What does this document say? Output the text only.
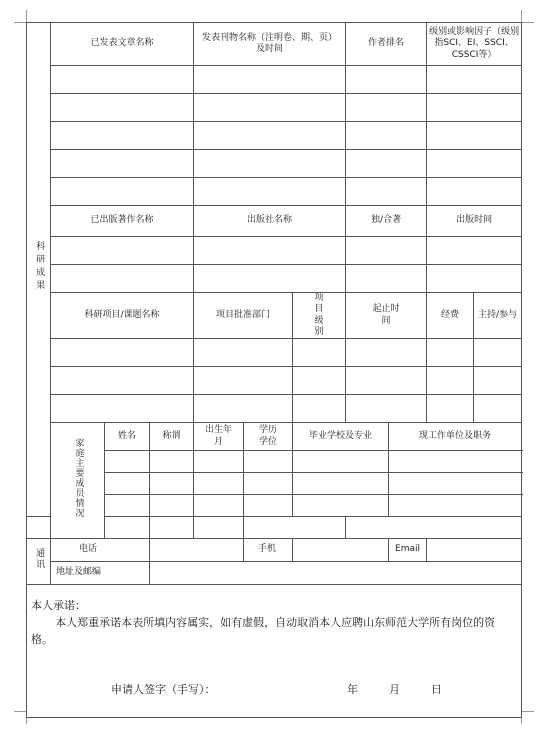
科研成果	已发表文章名称			发表刊物名称（注明卷、期、页）及时间			作者排名		级别或影响因子（级别指SCI、EI、SSCI、CSSCI等）	

	已出版著作名称			出版社名称			独/合著		出版时间	

	科研项目/课题名称			项目批准部门		项目级别	起止时间		经费	主持/参与

	家庭主要成员情况	姓名	称谓	出生年月	学历学位	毕业学校及专业		现工作单位及职务		

通讯	电话				手机			Email		
	地址及邮编									

本人承诺：
本人郑重承诺本表所填内容属实，如有虚假，自动取消本人应聘山东师范大学所有岗位的资格。
申请人签字（手写）： 年 月 日										
